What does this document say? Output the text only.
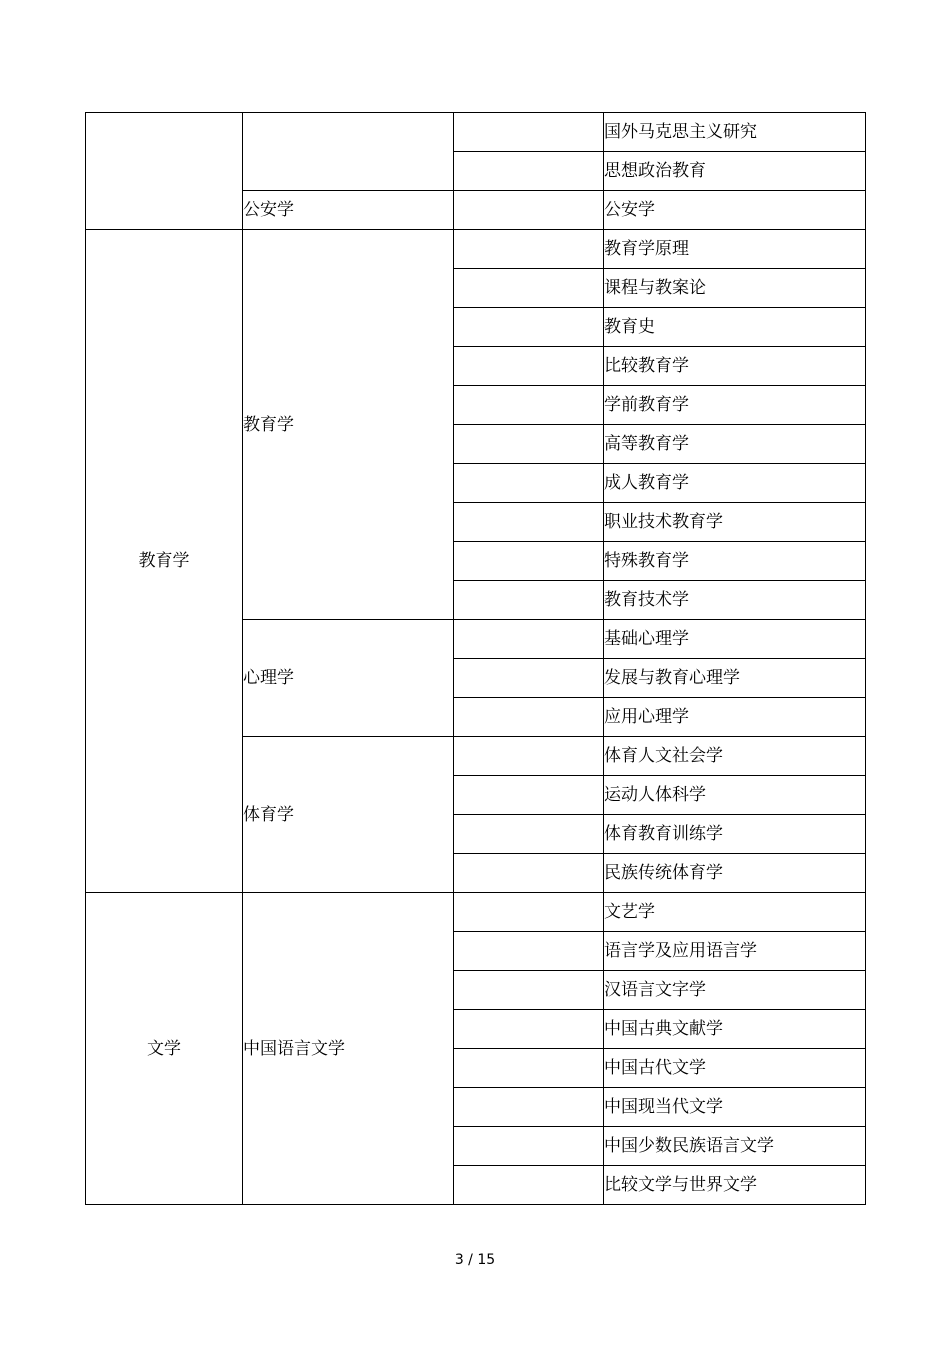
			国外马克思主义研究
			思想政治教育
	公安学		公安学
教育学	教育学		教育学原理
			课程与教案论
			教育史
			比较教育学
			学前教育学
			高等教育学
			成人教育学
			职业技术教育学
			特殊教育学
			教育技术学
	心理学		基础心理学
			发展与教育心理学
			应用心理学
	体育学		体育人文社会学
			运动人体科学
			体育教育训练学
			民族传统体育学
文学	中国语言文学		文艺学
			语言学及应用语言学
			汉语言文字学
			中国古典文献学
			中国古代文学
			中国现当代文学
			中国少数民族语言文学
			比较文学与世界文学
3 / 15
